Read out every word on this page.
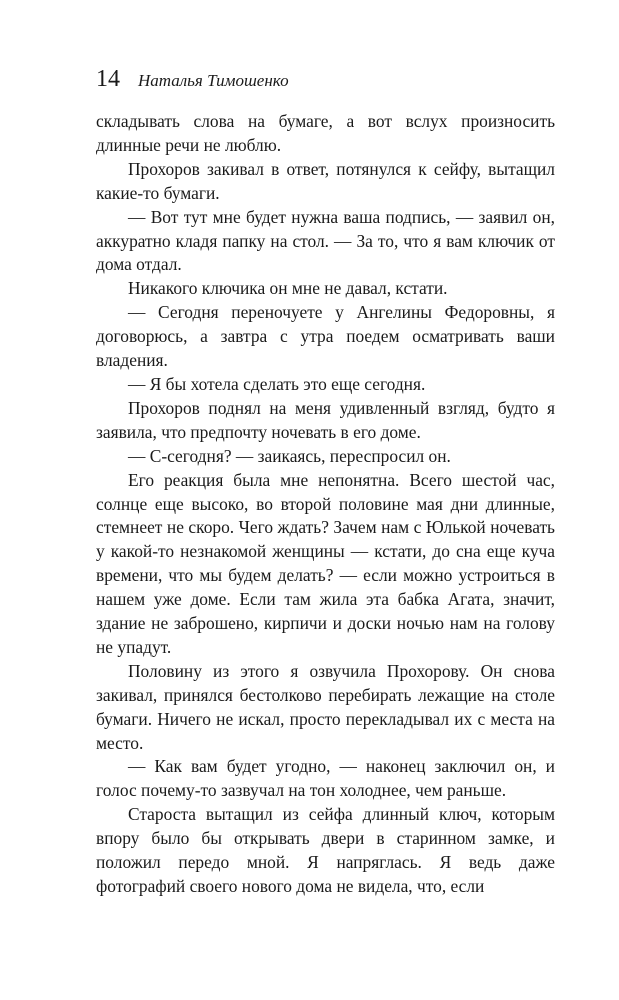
14 Наталья Тимошенко

складывать слова на бумаге, а вот вслух произносить длинные речи не люблю.

Прохоров закивал в ответ, потянулся к сейфу, вытащил какие-то бумаги.

— Вот тут мне будет нужна ваша подпись, — заявил он, аккуратно кладя папку на стол. — За то, что я вам ключик от дома отдал.

Никакого ключика он мне не давал, кстати.

— Сегодня переночуете у Ангелины Федоровны, я договорюсь, а завтра с утра поедем осматривать ваши владения.

— Я бы хотела сделать это еще сегодня.

Прохоров поднял на меня удивленный взгляд, будто я заявила, что предпочту ночевать в его доме.

— С-сегодня? — заикаясь, переспросил он.

Его реакция была мне непонятна. Всего шестой час, солнце еще высоко, во второй половине мая дни длинные, стемнеет не скоро. Чего ждать? Зачем нам с Юлькой ночевать у какой-то незнакомой женщины — кстати, до сна еще куча времени, что мы будем делать? — если можно устроиться в нашем уже доме. Если там жила эта бабка Агата, значит, здание не заброшено, кирпичи и доски ночью нам на голову не упадут.

Половину из этого я озвучила Прохорову. Он снова закивал, принялся бестолково перебирать лежащие на столе бумаги. Ничего не искал, просто перекладывал их с места на место.

— Как вам будет угодно, — наконец заключил он, и голос почему-то зазвучал на тон холоднее, чем раньше.

Староста вытащил из сейфа длинный ключ, которым впору было бы открывать двери в старинном замке, и положил передо мной. Я напряглась. Я ведь даже фотографий своего нового дома не видела, что, если
